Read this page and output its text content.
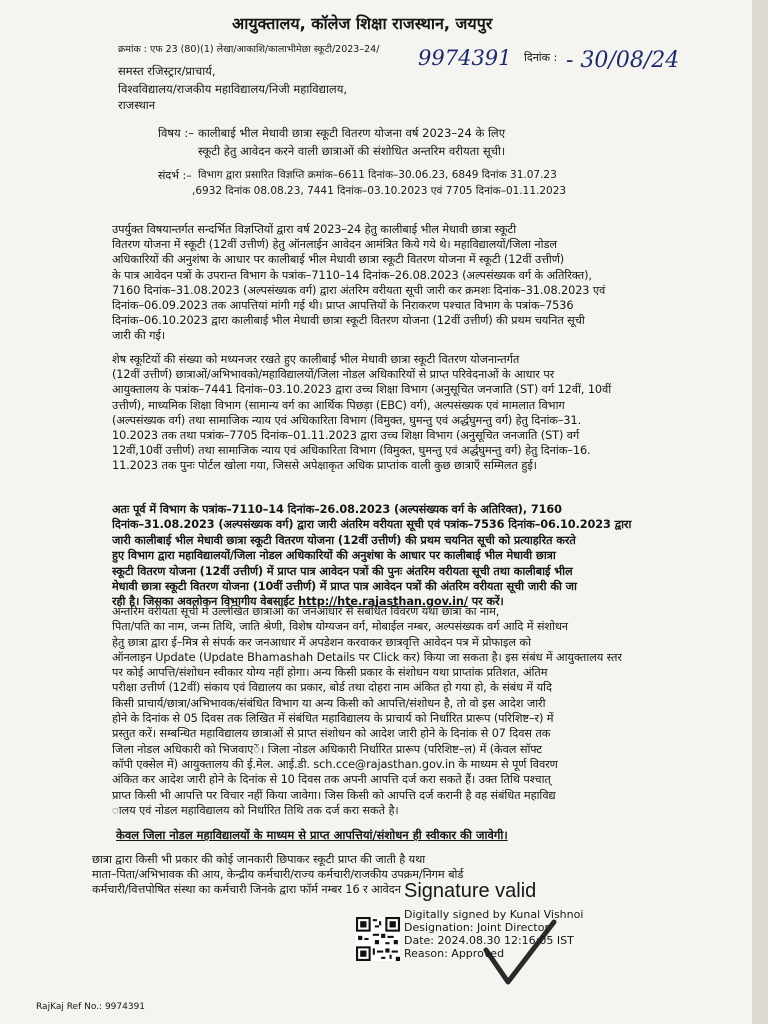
आयुक्तालय, कॉलेज शिक्षा राजस्थान, जयपुर
क्रमांक : एफ 23 (80)(1) लेखा/आकाशि/कालाभीमेछा स्कूटी/2023–24/ 9974391 दिनांक : - 30/08/24
समस्त रजिस्ट्रार/प्राचार्य,
विश्वविद्यालय/राजकीय महाविद्यालय/निजी महाविद्यालय,
राजस्थान
विषय :– कालीबाई भील मेधावी छात्रा स्कूटी वितरण योजना वर्ष 2023–24 के लिए
स्कूटी हेतु आवेदन करने वाली छात्राओं की संशोधित अन्तरिम वरीयता सूची।
संदर्भ :– विभाग द्वारा प्रसारित विज्ञप्ति क्रमांक–6611 दिनांक–30.06.23, 6849 दिनांक 31.07.23
,6932 दिनांक 08.08.23, 7441 दिनांक–03.10.2023 एवं 7705 दिनांक–01.11.2023
उपर्युक्त विषयान्तर्गत सन्दर्भित विज्ञप्तियों द्वारा वर्ष 2023–24 हेतु कालीबाई भील मेधावी छात्रा स्कूटी
वितरण योजना में स्कूटी (12वीं उत्तीर्ण) हेतु ऑनलाईन आवेदन आमंत्रित किये गये थे। महाविद्यालयों/जिला नोडल
अधिकारियों की अनुशंषा के आधार पर कालीबाई भील मेधावी छात्रा स्कूटी वितरण योजना में स्कूटी (12वीं उत्तीर्ण)
के पात्र आवेदन पत्रों के उपरान्त विभाग के पत्रांक–7110–14 दिनांक–26.08.2023 (अल्पसंख्यक वर्ग के अतिरिक्त),
7160 दिनांक–31.08.2023 (अल्पसंख्यक वर्ग) द्वारा अंतरिम वरीयता सूची जारी कर क्रमशः दिनांक–31.08.2023 एवं
दिनांक–06.09.2023 तक आपत्तियां मांगी गई थी। प्राप्त आपत्तियों के निराकरण पश्चात विभाग के पत्रांक–7536
दिनांक–06.10.2023 द्वारा कालीबाई भील मेधावी छात्रा स्कूटी वितरण योजना (12वीं उत्तीर्ण) की प्रथम चयनित सूची
जारी की गई।
शेष स्कूटियों की संख्या को मध्यनजर रखते हुए कालीबाई भील मेधावी छात्रा स्कूटी वितरण योजनान्तर्गत
(12वीं उत्तीर्ण) छात्राओं/अभिभावको/महाविद्यालयों/जिला नोडल अधिकारियों से प्राप्त परिवेदनाओं के आधार पर
आयुक्तालय के पत्रांक–7441 दिनांक–03.10.2023 द्वारा उच्च शिक्षा विभाग (अनुसूचित जनजाति (ST) वर्ग 12वीं, 10वीं
उत्तीर्ण), माध्यमिक शिक्षा विभाग (सामान्य वर्ग का आर्थिक पिछड़ा (EBC) वर्ग), अल्पसंख्यक एवं मामलात विभाग
(अल्पसंख्यक वर्ग) तथा सामाजिक न्याय एवं अधिकारिता विभाग (विमुक्त, घुमन्तु एवं अर्द्धघुमन्तु वर्ग) हेतु दिनांक–31.
10.2023 तक तथा पत्रांक–7705 दिनांक–01.11.2023 द्वारा उच्च शिक्षा विभाग (अनुसूचित जनजाति (ST) वर्ग
12वीं,10वीं उत्तीर्ण) तथा सामाजिक न्याय एवं अधिकारिता विभाग (विमुक्त, घुमन्तु एवं अर्द्धघुमन्तु वर्ग) हेतु दिनांक–16.
11.2023 तक पुनः पोर्टल खोला गया, जिससे अपेक्षाकृत अधिक प्राप्तांक वाली कुछ छात्राएँ सम्मिलत हुई।
अतः पूर्व में विभाग के पत्रांक–7110–14 दिनांक–26.08.2023 (अल्पसंख्यक वर्ग के अतिरिक्त), 7160
दिनांक–31.08.2023 (अल्पसंख्यक वर्ग) द्वारा जारी अंतरिम वरीयता सूची एवं पत्रांक–7536 दिनांक–06.10.2023 द्वारा
जारी कालीबाई भील मेधावी छात्रा स्कूटी वितरण योजना (12वीं उत्तीर्ण) की प्रथम चयनित सूची को प्रत्याहरित करते
हुए विभाग द्वारा महाविद्यालयों/जिला नोडल अधिकारियों की अनुशंषा के आधार पर कालीबाई भील मेधावी छात्रा
स्कूटी वितरण योजना (12वीं उत्तीर्ण) में प्राप्त पात्र आवेदन पत्रों की पुनः अंतरिम वरीयता सूची तथा कालीबाई भील
मेधावी छात्रा स्कूटी वितरण योजना (10वीं उत्तीर्ण) में प्राप्त पात्र आवेदन पत्रों की अंतरिम वरीयता सूची जारी की जा
रही है। जिसका अवलोकन विभागीय वेबसाईट http://hte.rajasthan.gov.in/ पर करें।
अन्तरिम वरीयता सूची में उल्लेखित छात्राओं का जनआधार से संबंधित विवरण यथा छात्रा का नाम,
पिता/पति का नाम, जन्म तिथि, जाति श्रेणी, विशेष योग्यजन वर्ग, मोबाईल नम्बर, अल्पसंख्यक वर्ग आदि में संशोधन
हेतु छात्रा द्वारा ई–मित्र से संपर्क कर जनआधार में अपडेशन करवाकर छात्रवृत्ति आवेदन पत्र में प्रोफाइल को
ऑनलाइन Update (Update Bhamashah Details पर Click कर) किया जा सकता है। इस संबंध में आयुक्तालय स्तर
पर कोई आपत्ति/संशोधन स्वीकार योग्य नहीं होगा। अन्य किसी प्रकार के संशोधन यथा प्राप्तांक प्रतिशत, अंतिम
परीक्षा उत्तीर्ण (12वीं) संकाय एवं विद्यालय का प्रकार, बोर्ड तथा दोहरा नाम अंकित हो गया हो, के संबंध में यदि
किसी प्राचार्य/छात्रा/अभिभावक/संबंधित विभाग या अन्य किसी को आपत्ति/संशोधन है, तो वो इस आदेश जारी
होने के दिनांक से 05 दिवस तक लिखित में संबंधित महाविद्यालय के प्राचार्य को निर्धारित प्रारूप (परिशिष्ट–र) में
प्रस्तुत करें। सम्बन्धित महाविद्यालय छात्राओं से प्राप्त संशोधन को आदेश जारी होने के दिनांक से 07 दिवस तक
जिला नोडल अधिकारी को भिजवाएें। जिला नोडल अधिकारी निर्धारित प्रारूप (परिशिष्ट–ल) में (केवल सॉफ्ट
कॉपी एक्सेल में) आयुक्तालय की ई.मेल. आई.डी. sch.cce@rajasthan.gov.in के माध्यम से पूर्ण विवरण
अंकित कर आदेश जारी होने के दिनांक से 10 दिवस तक अपनी आपत्ति दर्ज करा सकते हैं। उक्त तिथि पश्चात्
प्राप्त किसी भी आपत्ति पर विचार नहीं किया जावेगा। जिस किसी को आपत्ति दर्ज करानी है वह संबंधित महाविद्य
ालय एवं नोडल महाविद्यालय को निर्धारित तिथि तक दर्ज करा सकते है।
केवल जिला नोडल महाविद्यालयों के माध्यम से प्राप्त आपत्तियां/संशोधन ही स्वीकार की जावेगी।
छात्रा द्वारा किसी भी प्रकार की कोई जानकारी छिपाकर स्कूटी प्राप्त की जाती है यथा
माता–पिता/अभिभावक की आय, केन्द्रीय कर्मचारी/राज्य कर्मचारी/राजकीय उपक्रम/निगम बोर्ड
कर्मचारी/वित्तपोषित संस्था का कर्मचारी जिनके द्वारा फॉर्म नम्बर 16 र आवेदन Signature valid
Digitally signed by Kunal Vishnoi
Designation: Joint Director
Date: 2024.08.30 12:16:05 IST
Reason: Approved
RajKaj Ref No.: 9974391
